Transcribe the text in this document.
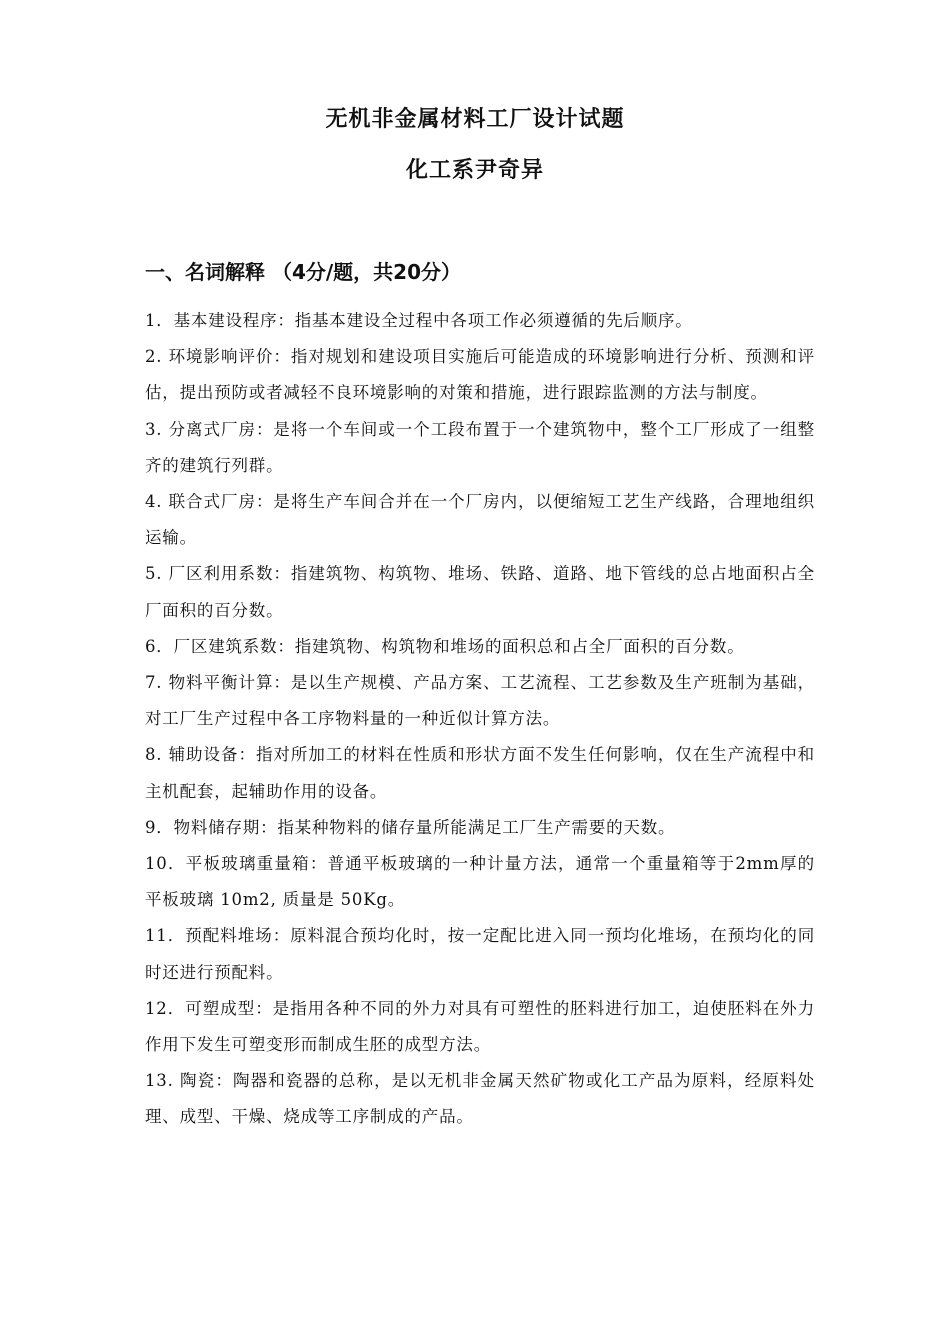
无机非金属材料工厂设计试题
化工系尹奇异
一、名词解释 （4分/题，共20分）
1．基本建设程序：指基本建设全过程中各项工作必须遵循的先后顺序。
2. 环境影响评价：指对规划和建设项目实施后可能造成的环境影响进行分析、预测和评估，提出预防或者减轻不良环境影响的对策和措施，进行跟踪监测的方法与制度。
3. 分离式厂房：是将一个车间或一个工段布置于一个建筑物中，整个工厂形成了一组整齐的建筑行列群。
4. 联合式厂房：是将生产车间合并在一个厂房内，以便缩短工艺生产线路，合理地组织运输。
5. 厂区利用系数：指建筑物、构筑物、堆场、铁路、道路、地下管线的总占地面积占全厂面积的百分数。
6．厂区建筑系数：指建筑物、构筑物和堆场的面积总和占全厂面积的百分数。
7. 物料平衡计算：是以生产规模、产品方案、工艺流程、工艺参数及生产班制为基础，对工厂生产过程中各工序物料量的一种近似计算方法。
8. 辅助设备：指对所加工的材料在性质和形状方面不发生任何影响，仅在生产流程中和主机配套，起辅助作用的设备。
9．物料储存期：指某种物料的储存量所能满足工厂生产需要的天数。
10．平板玻璃重量箱：普通平板玻璃的一种计量方法，通常一个重量箱等于2mm厚的平板玻璃 10m2, 质量是 50Kg。
11．预配料堆场：原料混合预均化时，按一定配比进入同一预均化堆场，在预均化的同时还进行预配料。
12．可塑成型：是指用各种不同的外力对具有可塑性的胚料进行加工，迫使胚料在外力作用下发生可塑变形而制成生胚的成型方法。
13. 陶瓷：陶器和瓷器的总称，是以无机非金属天然矿物或化工产品为原料，经原料处理、成型、干燥、烧成等工序制成的产品。
